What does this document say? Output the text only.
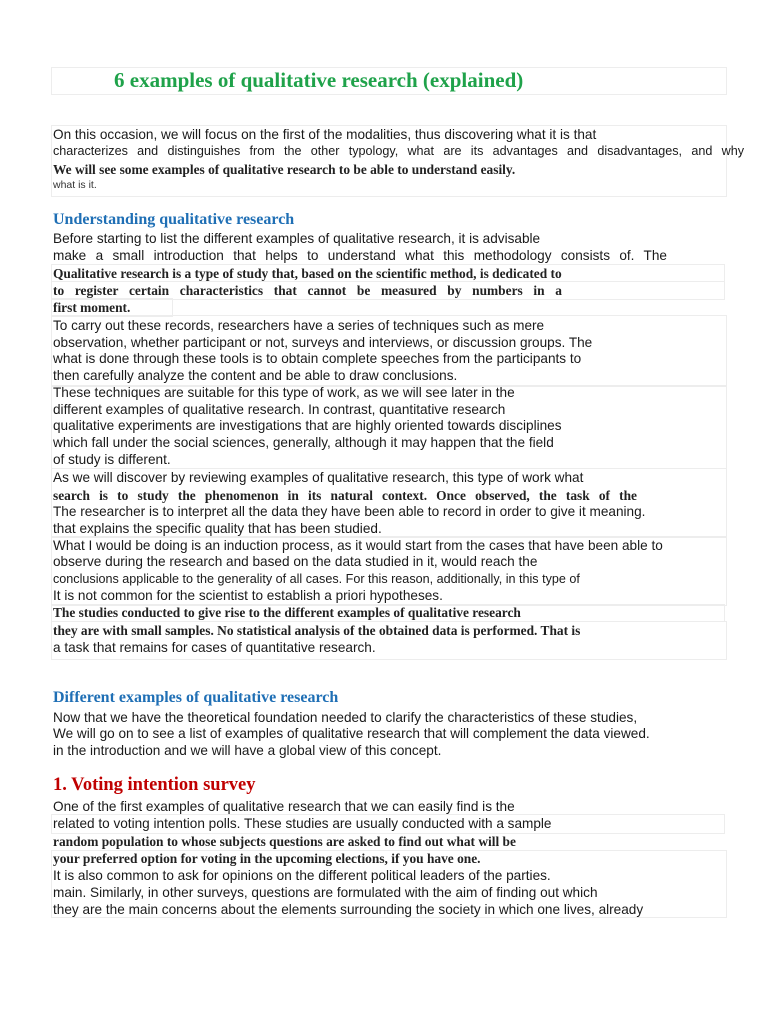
6 examples of qualitative research (explained)

On this occasion, we will focus on the first of the modalities, thus discovering what it is that

characterizes and distinguishes from the other typology, what are its advantages and disadvantages, and why

We will see some examples of qualitative research to be able to understand easily.

what is it.

Understanding qualitative research

Before starting to list the different examples of qualitative research, it is advisable

make a small introduction that helps to understand what this methodology consists of. The

Qualitative research is a type of study that, based on the scientific method, is dedicated to

to register certain characteristics that cannot be measured by numbers in a

first moment.

To carry out these records, researchers have a series of techniques such as mere

observation, whether participant or not, surveys and interviews, or discussion groups. The

what is done through these tools is to obtain complete speeches from the participants to

then carefully analyze the content and be able to draw conclusions.

These techniques are suitable for this type of work, as we will see later in the

different examples of qualitative research. In contrast, quantitative research

qualitative experiments are investigations that are highly oriented towards disciplines

which fall under the social sciences, generally, although it may happen that the field

of study is different.

As we will discover by reviewing examples of qualitative research, this type of work what

search is to study the phenomenon in its natural context. Once observed, the task of the

The researcher is to interpret all the data they have been able to record in order to give it meaning.

that explains the specific quality that has been studied.

What I would be doing is an induction process, as it would start from the cases that have been able to

observe during the research and based on the data studied in it, would reach the

conclusions applicable to the generality of all cases. For this reason, additionally, in this type of

It is not common for the scientist to establish a priori hypotheses.

The studies conducted to give rise to the different examples of qualitative research

they are with small samples. No statistical analysis of the obtained data is performed. That is

a task that remains for cases of quantitative research.

Different examples of qualitative research

Now that we have the theoretical foundation needed to clarify the characteristics of these studies,

We will go on to see a list of examples of qualitative research that will complement the data viewed.

in the introduction and we will have a global view of this concept.

1. Voting intention survey

One of the first examples of qualitative research that we can easily find is the

related to voting intention polls. These studies are usually conducted with a sample

random population to whose subjects questions are asked to find out what will be

your preferred option for voting in the upcoming elections, if you have one.

It is also common to ask for opinions on the different political leaders of the parties.

main. Similarly, in other surveys, questions are formulated with the aim of finding out which

they are the main concerns about the elements surrounding the society in which one lives, already
